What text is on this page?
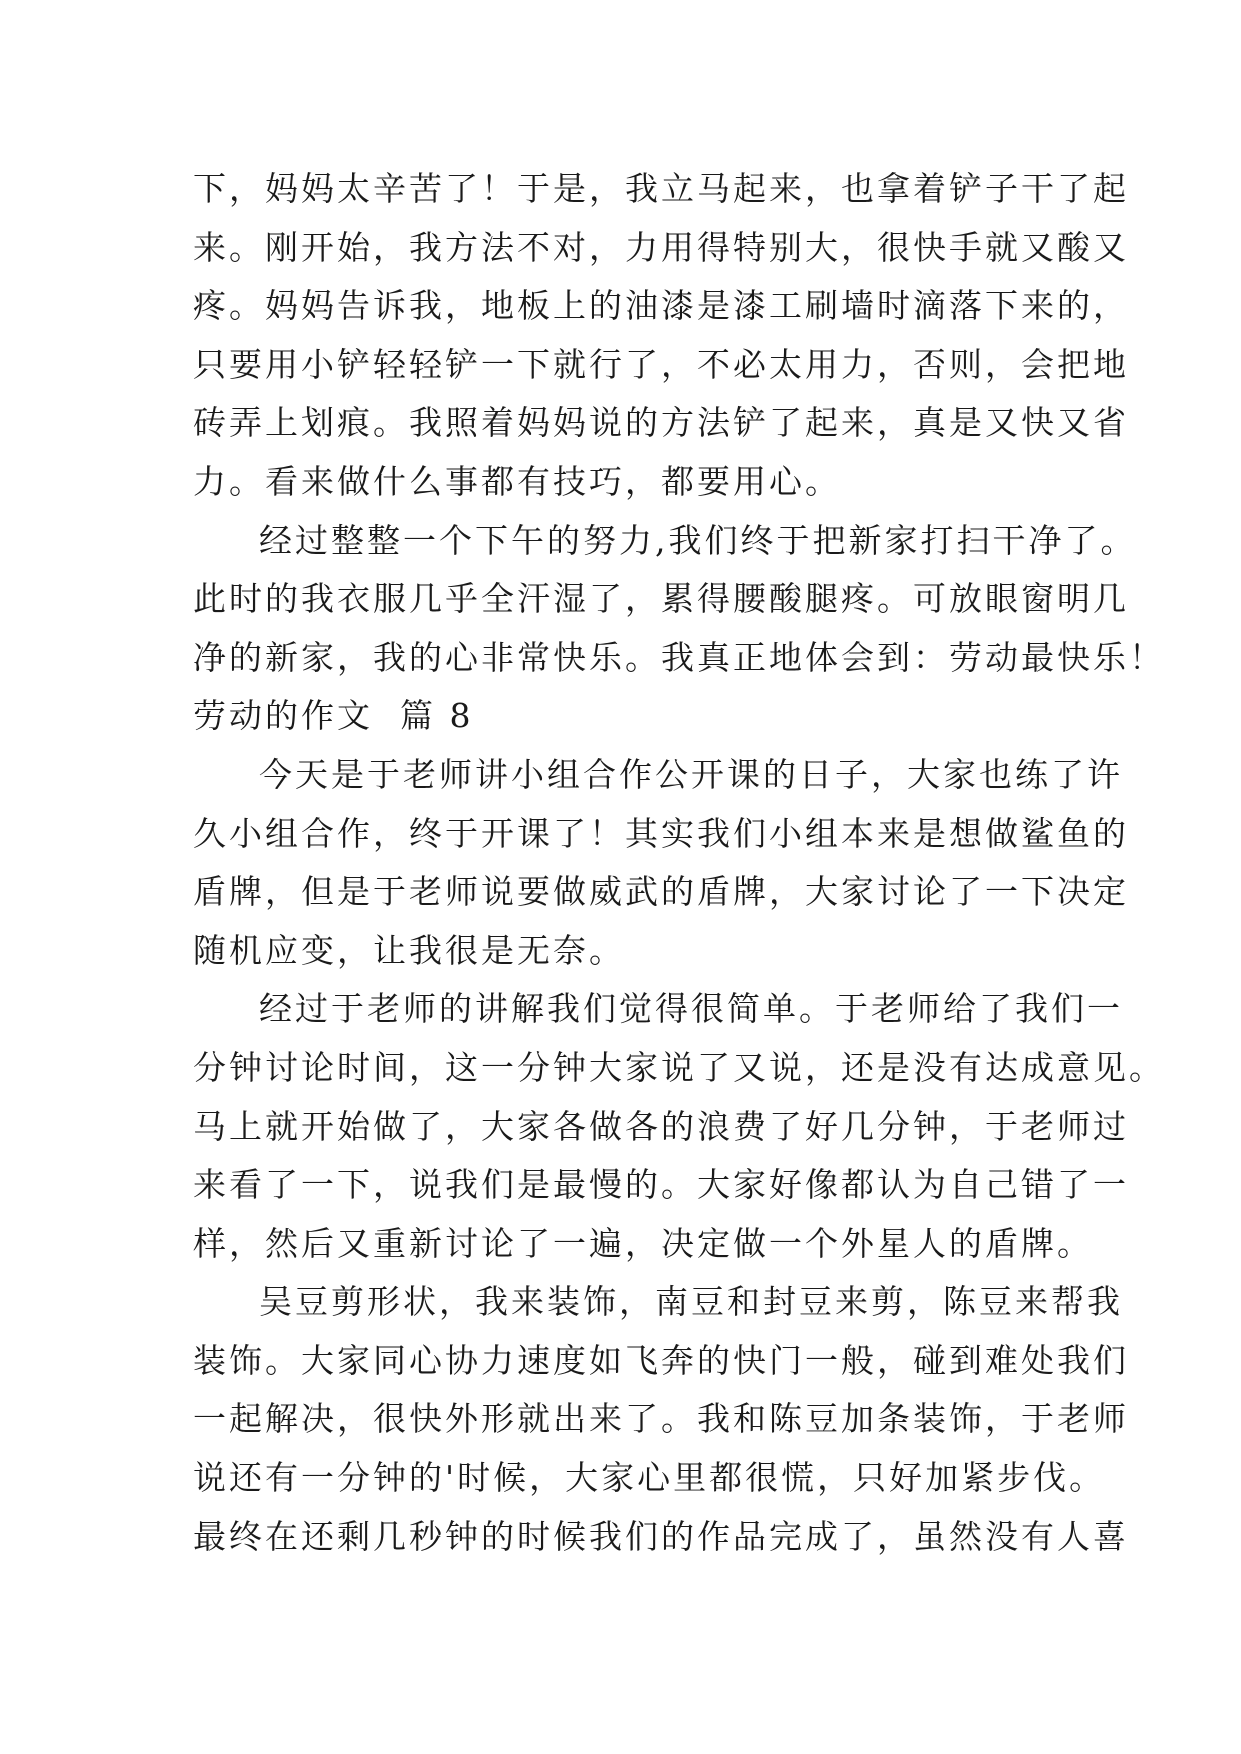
下，妈妈太辛苦了！于是，我立马起来，也拿着铲子干了起
来。刚开始，我方法不对，力用得特别大，很快手就又酸又
疼。妈妈告诉我，地板上的油漆是漆工刷墙时滴落下来的，
只要用小铲轻轻铲一下就行了，不必太用力，否则，会把地
砖弄上划痕。我照着妈妈说的方法铲了起来，真是又快又省
力。看来做什么事都有技巧，都要用心。
经过整整一个下午的努力,我们终于把新家打扫干净了。
此时的我衣服几乎全汗湿了，累得腰酸腿疼。可放眼窗明几
净的新家，我的心非常快乐。我真正地体会到：劳动最快乐！
劳动的作文  篇 8
今天是于老师讲小组合作公开课的日子，大家也练了许
久小组合作，终于开课了！其实我们小组本来是想做鲨鱼的
盾牌，但是于老师说要做威武的盾牌，大家讨论了一下决定
随机应变，让我很是无奈。
经过于老师的讲解我们觉得很简单。于老师给了我们一
分钟讨论时间，这一分钟大家说了又说，还是没有达成意见。
马上就开始做了，大家各做各的浪费了好几分钟，于老师过
来看了一下，说我们是最慢的。大家好像都认为自己错了一
样，然后又重新讨论了一遍，决定做一个外星人的盾牌。
吴豆剪形状，我来装饰，南豆和封豆来剪，陈豆来帮我
装饰。大家同心协力速度如飞奔的快门一般，碰到难处我们
一起解决，很快外形就出来了。我和陈豆加条装饰，于老师
说还有一分钟的'时候，大家心里都很慌，只好加紧步伐。
最终在还剩几秒钟的时候我们的作品完成了，虽然没有人喜
